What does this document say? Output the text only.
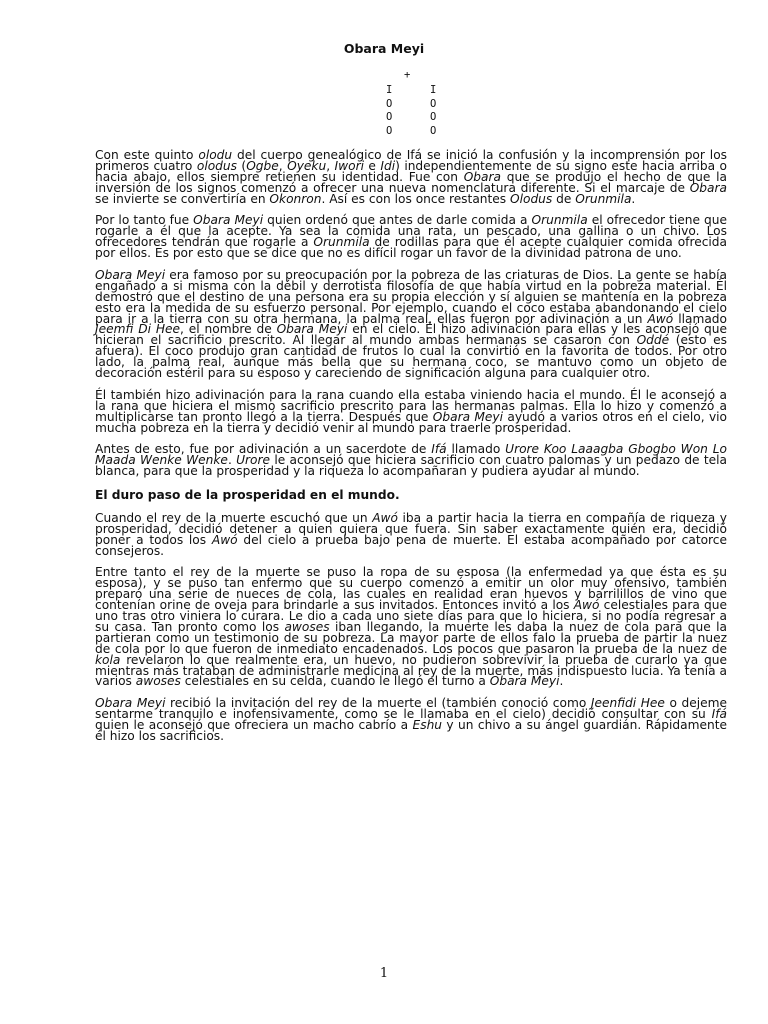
Obara Meyi
+
I
O
O
O
I
O
O
O

Con este quinto olodu del cuerpo genealógico de Ifá se inició la confusión y la incomprensión por los primeros cuatro olodus (Ogbe, Oyeku, Iwori e Idi) independientemente de su signo este hacia arriba o hacia abajo, ellos siempre retienen su identidad. Fue con Obara que se produjo el hecho de que la inversión de los signos comenzó a ofrecer una nueva nomenclatura diferente. Si el marcaje de Obara se invierte se convertiría en Okonron. Así es con los once restantes Olodus de Orunmila.

Por lo tanto fue Obara Meyi quien ordenó que antes de darle comida a Orunmila el ofrecedor tiene que rogarle a él que la acepte. Ya sea la comida una rata, un pescado, una gallina o un chivo. Los ofrecedores tendrán que rogarle a Orunmila de rodillas para que él acepte cualquier comida ofrecida por ellos. Es por esto que se dice que no es difícil rogar un favor de la divinidad patrona de uno.

Obara Meyi era famoso por su preocupación por la pobreza de las criaturas de Dios. La gente se había engañado a si misma con la débil y derrotista filosofía de que había virtud en la pobreza material. Él demostró que el destino de una persona era su propia elección y sí alguien se mantenía en la pobreza esto era la medida de su esfuerzo personal. Por ejemplo, cuando el coco estaba abandonando el cielo para ir a la tierra con su otra hermana, la palma real, ellas fueron por adivinación a un Awó llamado Jeemfi Di Hee, el nombre de Obara Meyi en el cielo. Él hizo adivinación para ellas y les aconsejó que hicieran el sacrificio prescrito. Al llegar al mundo ambas hermanas se casaron con Oddé (esto es afuera). El coco produjo gran cantidad de frutos lo cual la convirtió en la favorita de todos. Por otro lado, la palma real, aunque más bella que su hermana coco, se mantuvo como un objeto de decoración estéril para su esposo y careciendo de significación alguna para cualquier otro.

Él también hizo adivinación para la rana cuando ella estaba viniendo hacia el mundo. Él le aconsejó a la rana que hiciera el mismo sacrificio prescrito para las hermanas palmas. Ella lo hizo y comenzó a multiplicarse tan pronto llegó a la tierra. Después que Obara Meyi ayudó a varios otros en el cielo, vio mucha pobreza en la tierra y decidió venir al mundo para traerle prosperidad.

Antes de esto, fue por adivinación a un sacerdote de Ifá llamado Urore Koo Laaagba Gbogbo Won Lo Maada Wenke Wenke. Urore le aconsejó que hiciera sacrificio con cuatro palomas y un pedazo de tela blanca, para que la prosperidad y la riqueza lo acompañaran y pudiera ayudar al mundo.

El duro paso de la prosperidad en el mundo.

Cuando el rey de la muerte escuchó que un Awó iba a partir hacia la tierra en compañía de riqueza y prosperidad, decidió detener a quien quiera que fuera. Sin saber exactamente quién era, decidió poner a todos los Awó del cielo a prueba bajo pena de muerte. El estaba acompañado por catorce consejeros.

Entre tanto el rey de la muerte se puso la ropa de su esposa (la enfermedad ya que ésta es su esposa), y se puso tan enfermo que su cuerpo comenzó a emitir un olor muy ofensivo, también preparó una serie de nueces de cola, las cuales en realidad eran huevos y barrilillos de vino que contenían orine de oveja para brindarle a sus invitados. Entonces invitó a los Awó celestiales para que uno tras otro viniera lo curara. Le dio a cada uno siete días para que lo hiciera, si no podía regresar a su casa. Tan pronto como los awoses iban llegando, la muerte les daba la nuez de cola para que la partieran como un testimonio de su pobreza. La mayor parte de ellos falo la prueba de partir la nuez de cola por lo que fueron de inmediato encadenados. Los pocos que pasaron la prueba de la nuez de kola revelaron lo que realmente era, un huevo, no pudieron sobrevivir la prueba de curarlo ya que mientras más trataban de administrarle medicina al rey de la muerte, más indispuesto lucia. Ya tenía a varios awoses celestiales en su celda, cuando le llegó el turno a Obara Meyi.

Obara Meyi recibió la invitación del rey de la muerte el (también conoció como Jeenfidi Hee o dejeme sentarme tranquilo e inofensivamente, como se le llamaba en el cielo) decidió consultar con su Ifá quien le aconsejó que ofreciera un macho cabrío a Eshu y un chivo a su ángel guardián. Rápidamente él hizo los sacrificios.

1
